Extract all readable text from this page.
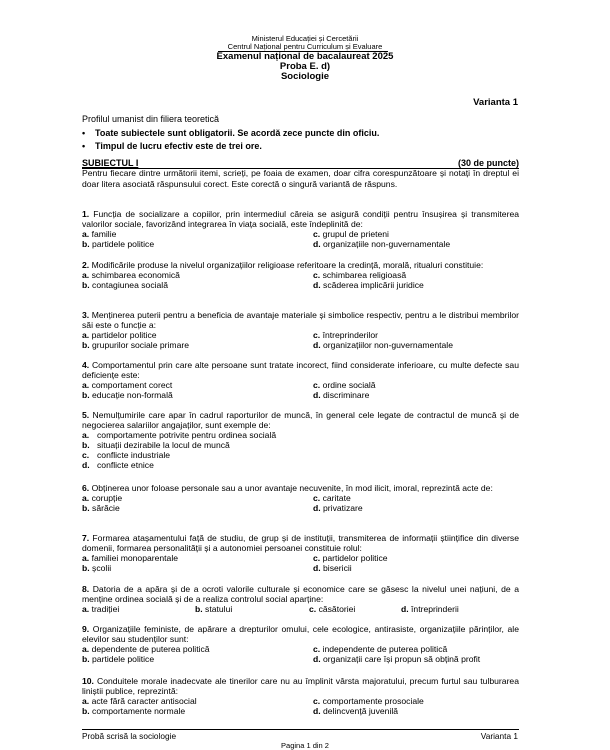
Ministerul Educației și Cercetării
Centrul Național pentru Curriculum și Evaluare
Examenul național de bacalaureat 2025
Proba E. d)
Sociologie
Varianta 1
Profilul umanist din filiera teoretică
• Toate subiectele sunt obligatorii. Se acordă zece puncte din oficiu.
• Timpul de lucru efectiv este de trei ore.
SUBIECTUL I	(30 de puncte)
Pentru fiecare dintre următorii itemi, scrieți, pe foaia de examen, doar cifra corespunzătoare și notați în dreptul ei doar litera asociată răspunsului corect. Este corectă o singură variantă de răspuns.
1. Funcția de socializare a copiilor, prin intermediul căreia se asigură condiții pentru însușirea și transmiterea valorilor sociale, favorizând integrarea în viața socială, este îndeplinită de:
a. familie	c. grupul de prieteni
b. partidele politice	d. organizațiile non-guvernamentale
2. Modificările produse la nivelul organizațiilor religioase referitoare la credință, morală, ritualuri constituie:
a. schimbarea economică	c. schimbarea religioasă
b. contagiunea socială	d. scăderea implicării juridice
3. Menținerea puterii pentru a beneficia de avantaje materiale și simbolice respectiv, pentru a le distribui membrilor săi este o funcție a:
a. partidelor politice	c. întreprinderilor
b. grupurilor sociale primare	d. organizațiilor non-guvernamentale
4. Comportamentul prin care alte persoane sunt tratate incorect, fiind considerate inferioare, cu multe defecte sau deficiențe este:
a. comportament corect	c. ordine socială
b. educație non-formală	d. discriminare
5. Nemulțumirile care apar în cadrul raporturilor de muncă, în general cele legate de contractul de muncă și de negocierea salariilor angajaților, sunt exemple de:
a. comportamente potrivite pentru ordinea socială
b. situații dezirabile la locul de muncă
c. conflicte industriale
d. conflicte etnice
6. Obținerea unor foloase personale sau a unor avantaje necuvenite, în mod ilicit, imoral, reprezintă acte de:
a. corupție	c. caritate
b. sărăcie	d. privatizare
7. Formarea atașamentului față de studiu, de grup și de instituții, transmiterea de informații științifice din diverse domenii, formarea personalității și a autonomiei persoanei constituie rolul:
a. familiei monoparentale	c. partidelor politice
b. școlii	d. bisericii
8. Datoria de a apăra și de a ocroti valorile culturale și economice care se găsesc la nivelul unei națiuni, de a menține ordinea socială și de a realiza controlul social aparține:
a. tradiției	b. statului	c. căsătoriei	d. întreprinderii
9. Organizațiile feministe, de apărare a drepturilor omului, cele ecologice, antirasiste, organizațiile părinților, ale elevilor sau studenților sunt:
a. dependente de puterea politică	c. independente de puterea politică
b. partidele politice	d. organizații care își propun să obțină profit
10. Conduitele morale inadecvate ale tinerilor care nu au împlinit vârsta majoratului, precum furtul sau tulburarea liniștii publice, reprezintă:
a. acte fără caracter antisocial	c. comportamente prosociale
b. comportamente normale	d. delincvență juvenilă
Probă scrisă la sociologie	Varianta 1
Pagina 1 din 2
